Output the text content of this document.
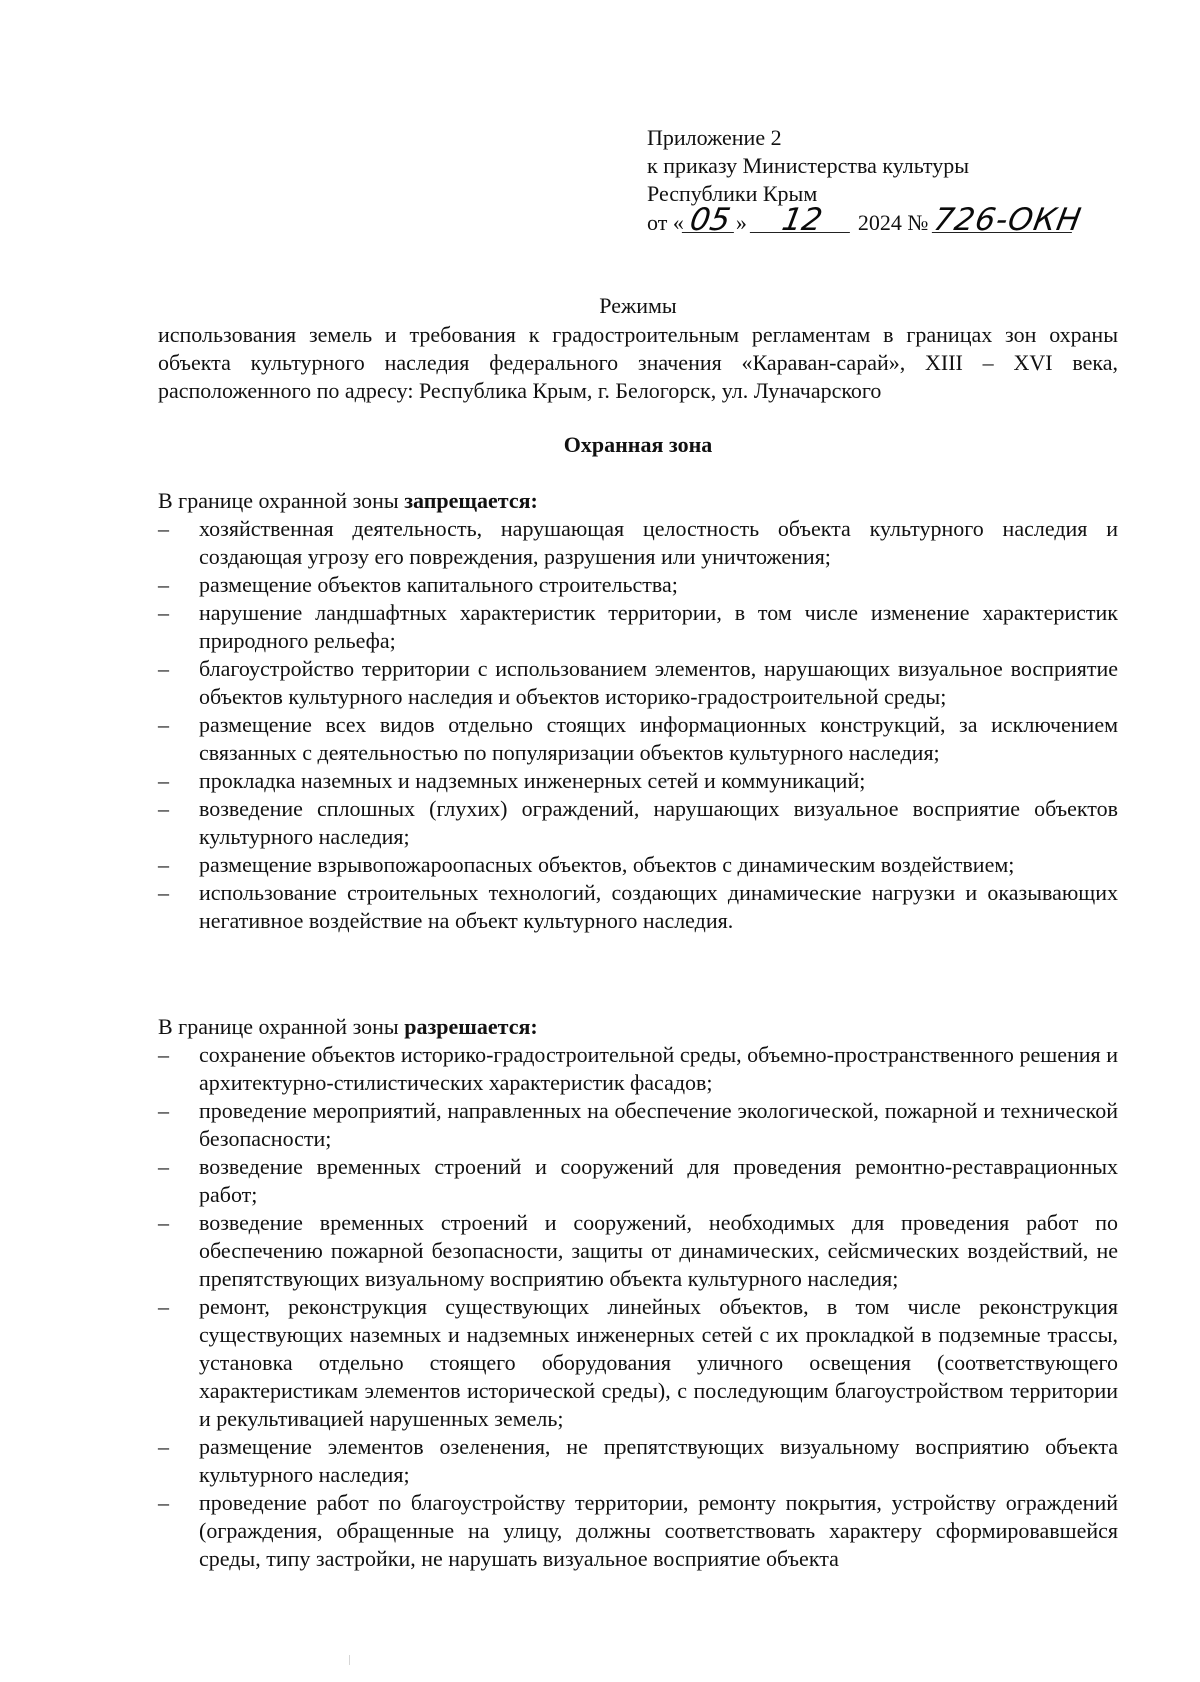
Приложение 2
к приказу Министерства культуры
Республики Крым
от « 05 » 12 2024 № 726-ОКН
Режимы
использования земель и требования к градостроительным регламентам в границах зон охраны объекта культурного наследия федерального значения «Караван-сарай», XIII – XVI века, расположенного по адресу: Республика Крым, г. Белогорск, ул. Луначарского
Охранная зона

В границе охранной зоны запрещается:

– хозяйственная деятельность, нарушающая целостность объекта культурного наследия и создающая угрозу его повреждения, разрушения или уничтожения;
– размещение объектов капитального строительства;
– нарушение ландшафтных характеристик территории, в том числе изменение характеристик природного рельефа;
– благоустройство территории с использованием элементов, нарушающих визуальное восприятие объектов культурного наследия и объектов историко-градостроительной среды;
– размещение всех видов отдельно стоящих информационных конструкций, за исключением связанных с деятельностью по популяризации объектов культурного наследия;
– прокладка наземных и надземных инженерных сетей и коммуникаций;
– возведение сплошных (глухих) ограждений, нарушающих визуальное восприятие объектов культурного наследия;
– размещение взрывопожароопасных объектов, объектов с динамическим воздействием;
– использование строительных технологий, создающих динамические нагрузки и оказывающих негативное воздействие на объект культурного наследия.

В границе охранной зоны разрешается:

– сохранение объектов историко-градостроительной среды, объемно-пространственного решения и архитектурно-стилистических характеристик фасадов;
– проведение мероприятий, направленных на обеспечение экологической, пожарной и технической безопасности;
– возведение временных строений и сооружений для проведения ремонтно-реставрационных работ;
– возведение временных строений и сооружений, необходимых для проведения работ по обеспечению пожарной безопасности, защиты от динамических, сейсмических воздействий, не препятствующих визуальному восприятию объекта культурного наследия;
– ремонт, реконструкция существующих линейных объектов, в том числе реконструкция существующих наземных и надземных инженерных сетей с их прокладкой в подземные трассы, установка отдельно стоящего оборудования уличного освещения (соответствующего характеристикам элементов исторической среды), с последующим благоустройством территории и рекультивацией нарушенных земель;
– размещение элементов озеленения, не препятствующих визуальному восприятию объекта культурного наследия;
– проведение работ по благоустройству территории, ремонту покрытия, устройству ограждений (ограждения, обращенные на улицу, должны соответствовать характеру сформировавшейся среды, типу застройки, не нарушать визуальное восприятие объекта
